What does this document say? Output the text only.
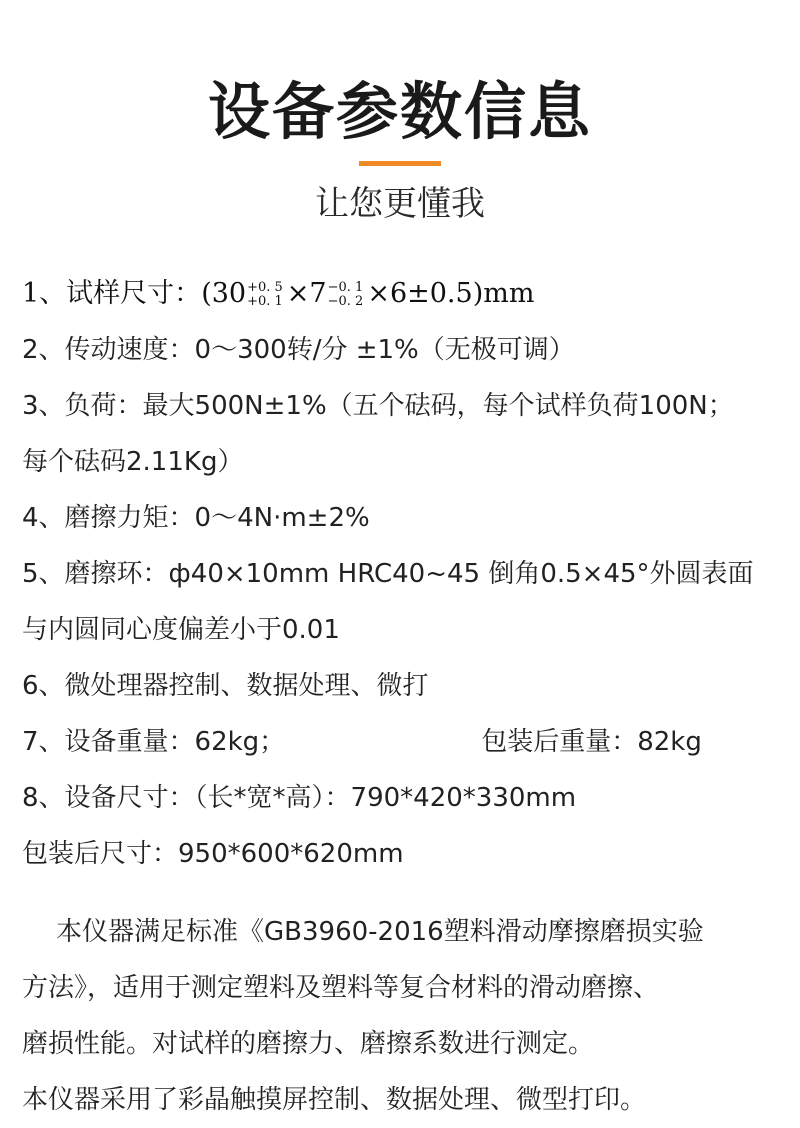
设备参数信息
让您更懂我
1、试样尺寸：(30 +0. 5
+0. 1 ×7 −0. 1
−0. 2 ×6±0.5)mm
2、传动速度：0～300转/分 ±1%（无极可调）
3、负荷：最大500N±1%（五个砝码，每个试样负荷100N；
每个砝码2.11Kg）
4、磨擦力矩：0～4N·m±2%
5、磨擦环：ф40×10mm HRC40~45 倒角0.5×45°外圆表面
与内圆同心度偏差小于0.01
6、微处理器控制、数据处理、微打
7、设备重量：62kg；	包装后重量：82kg
8、设备尺寸：（长*宽*高）：790*420*330mm
包装后尺寸：950*600*620mm
本仪器满足标准《GB3960-2016塑料滑动摩擦磨损实验
方法》，适用于测定塑料及塑料等复合材料的滑动磨擦、
磨损性能。对试样的磨擦力、磨擦系数进行测定。
本仪器采用了彩晶触摸屏控制、数据处理、微型打印。
